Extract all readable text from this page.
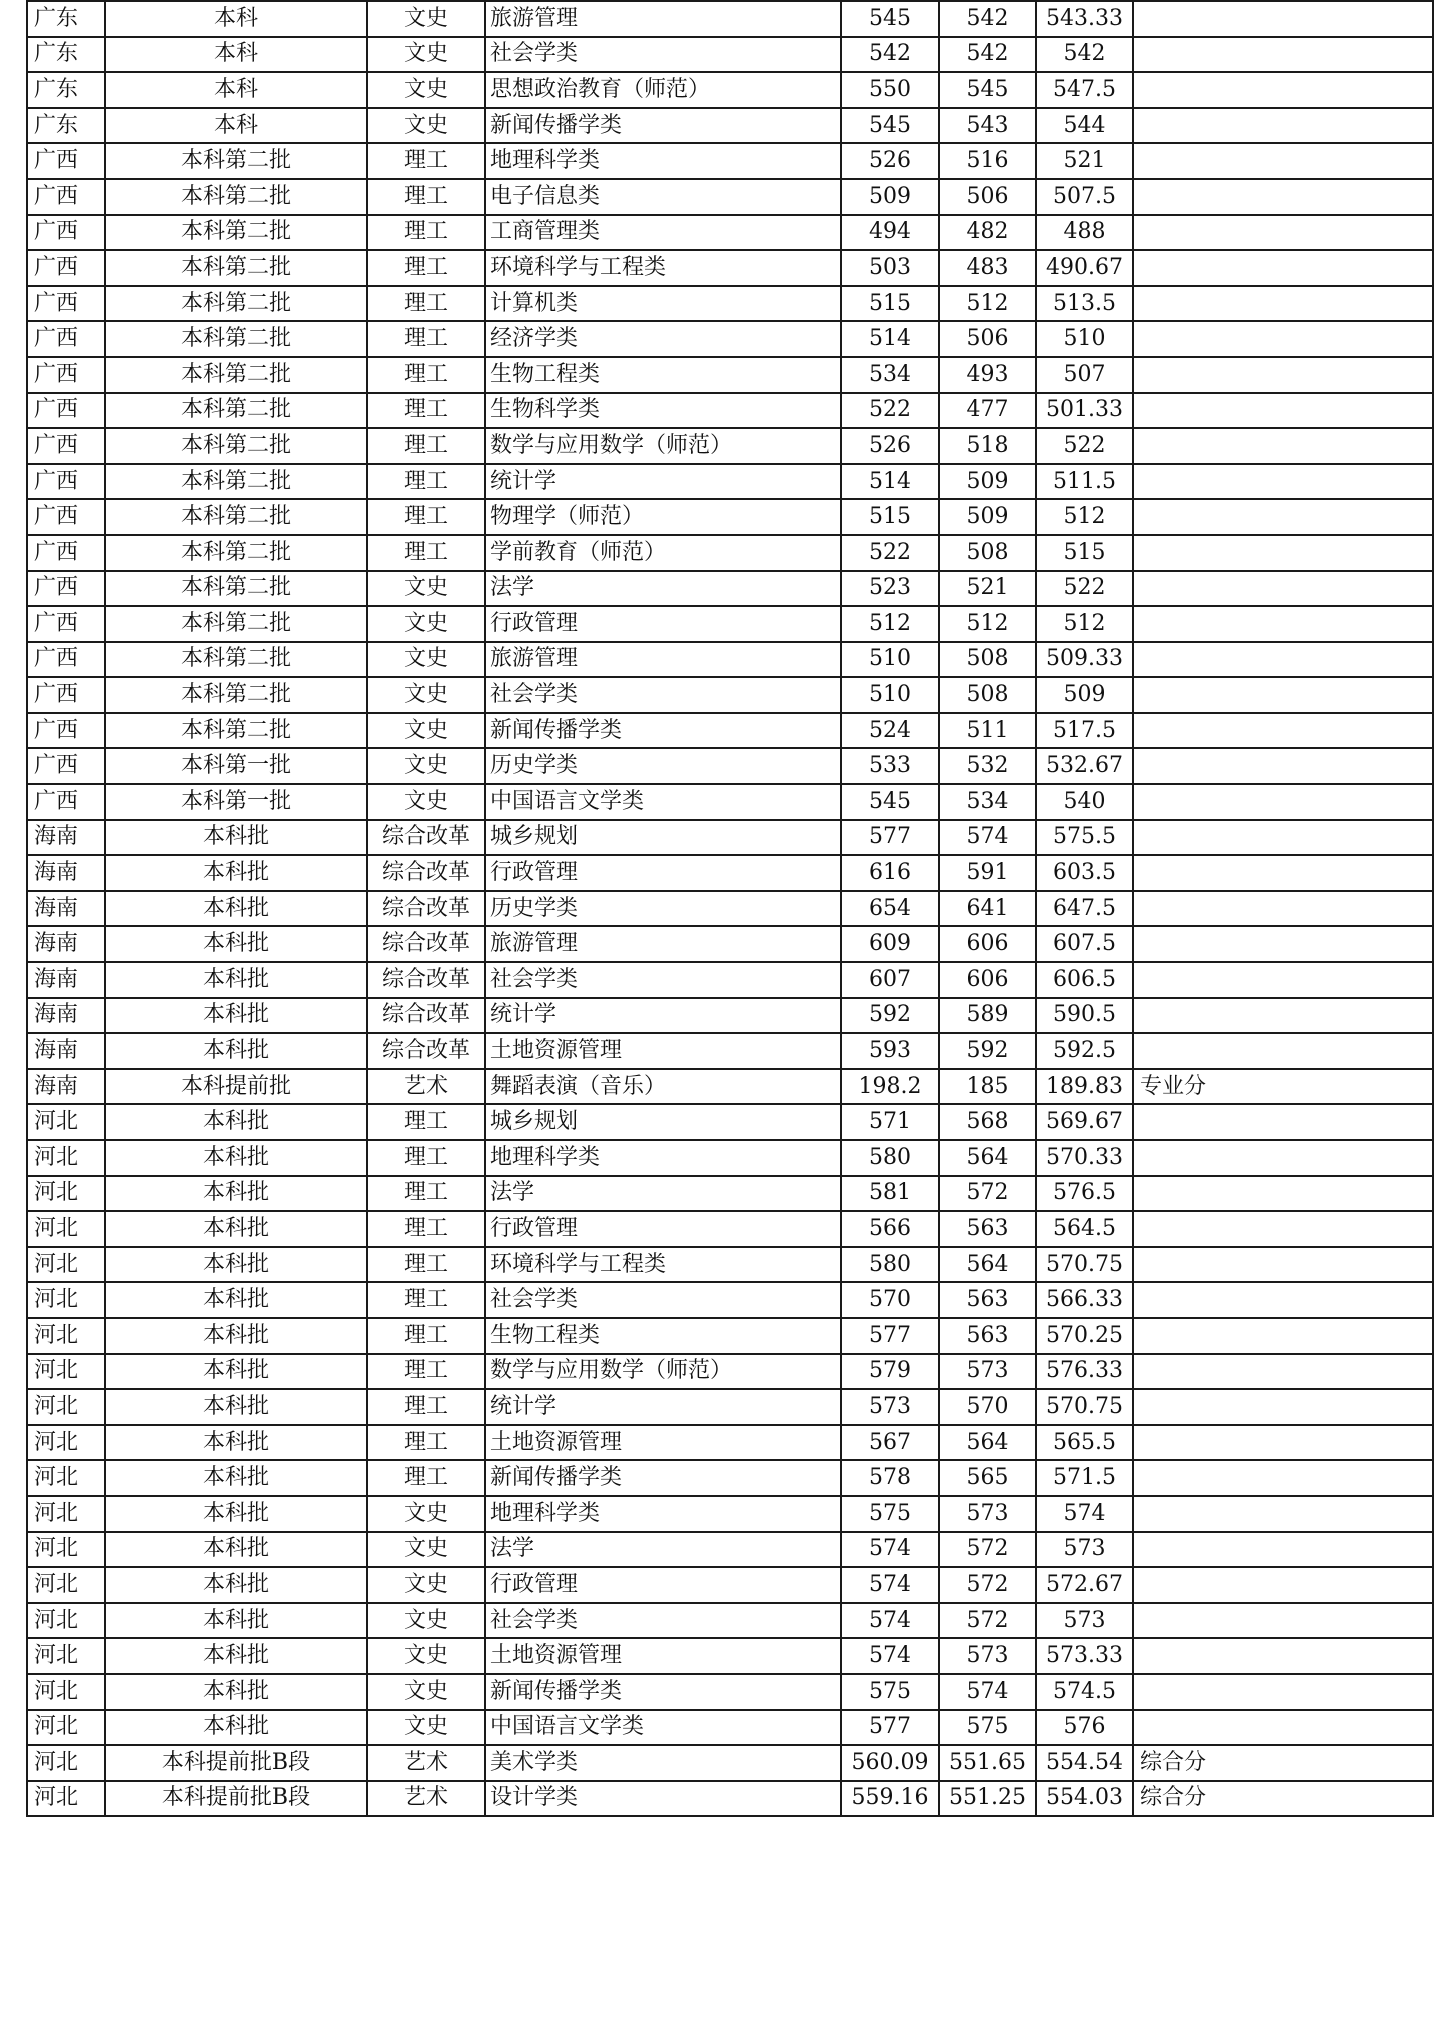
广东	本科	文史	旅游管理	545	542	543.33	
广东	本科	文史	社会学类	542	542	542	
广东	本科	文史	思想政治教育（师范）	550	545	547.5	
广东	本科	文史	新闻传播学类	545	543	544	
广西	本科第二批	理工	地理科学类	526	516	521	
广西	本科第二批	理工	电子信息类	509	506	507.5	
广西	本科第二批	理工	工商管理类	494	482	488	
广西	本科第二批	理工	环境科学与工程类	503	483	490.67	
广西	本科第二批	理工	计算机类	515	512	513.5	
广西	本科第二批	理工	经济学类	514	506	510	
广西	本科第二批	理工	生物工程类	534	493	507	
广西	本科第二批	理工	生物科学类	522	477	501.33	
广西	本科第二批	理工	数学与应用数学（师范）	526	518	522	
广西	本科第二批	理工	统计学	514	509	511.5	
广西	本科第二批	理工	物理学（师范）	515	509	512	
广西	本科第二批	理工	学前教育（师范）	522	508	515	
广西	本科第二批	文史	法学	523	521	522	
广西	本科第二批	文史	行政管理	512	512	512	
广西	本科第二批	文史	旅游管理	510	508	509.33	
广西	本科第二批	文史	社会学类	510	508	509	
广西	本科第二批	文史	新闻传播学类	524	511	517.5	
广西	本科第一批	文史	历史学类	533	532	532.67	
广西	本科第一批	文史	中国语言文学类	545	534	540	
海南	本科批	综合改革	城乡规划	577	574	575.5	
海南	本科批	综合改革	行政管理	616	591	603.5	
海南	本科批	综合改革	历史学类	654	641	647.5	
海南	本科批	综合改革	旅游管理	609	606	607.5	
海南	本科批	综合改革	社会学类	607	606	606.5	
海南	本科批	综合改革	统计学	592	589	590.5	
海南	本科批	综合改革	土地资源管理	593	592	592.5	
海南	本科提前批	艺术	舞蹈表演（音乐）	198.2	185	189.83	专业分
河北	本科批	理工	城乡规划	571	568	569.67	
河北	本科批	理工	地理科学类	580	564	570.33	
河北	本科批	理工	法学	581	572	576.5	
河北	本科批	理工	行政管理	566	563	564.5	
河北	本科批	理工	环境科学与工程类	580	564	570.75	
河北	本科批	理工	社会学类	570	563	566.33	
河北	本科批	理工	生物工程类	577	563	570.25	
河北	本科批	理工	数学与应用数学（师范）	579	573	576.33	
河北	本科批	理工	统计学	573	570	570.75	
河北	本科批	理工	土地资源管理	567	564	565.5	
河北	本科批	理工	新闻传播学类	578	565	571.5	
河北	本科批	文史	地理科学类	575	573	574	
河北	本科批	文史	法学	574	572	573	
河北	本科批	文史	行政管理	574	572	572.67	
河北	本科批	文史	社会学类	574	572	573	
河北	本科批	文史	土地资源管理	574	573	573.33	
河北	本科批	文史	新闻传播学类	575	574	574.5	
河北	本科批	文史	中国语言文学类	577	575	576	
河北	本科提前批B段	艺术	美术学类	560.09	551.65	554.54	综合分
河北	本科提前批B段	艺术	设计学类	559.16	551.25	554.03	综合分
